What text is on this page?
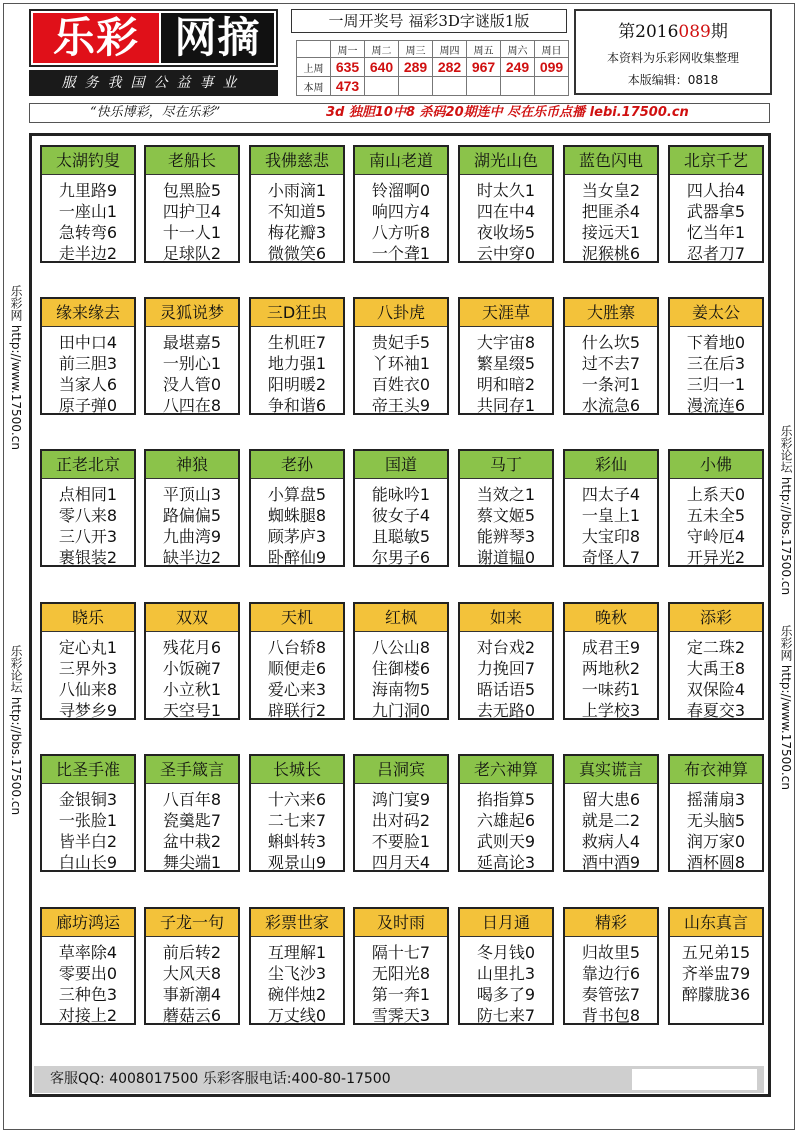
乐彩 网摘
服务我国公益事业
一周开奖号 福彩3D字谜版1版
	周一	周二	周三	周四	周五	周六	周日
上周	635	640	289	282	967	249	099
本周	473						
第2016089期
本资料为乐彩网收集整理
本版编辑：0818
“快乐博彩，尽在乐彩”	3d 独胆10中8 杀码20期连中 尽在乐币点播 lebi.17500.cn
乐彩网 http://www.17500.cn
乐彩论坛 http://bbs.17500.cn
乐彩论坛 http://bbs.17500.cn
乐彩网 http://www.17500.cn
太湖钓叟
九里路9
一座山1
急转弯6
走半边2
老船长
包黑脸5
四护卫4
十一人1
足球队2
我佛慈悲
小雨滴1
不知道5
梅花瓣3
微微笑6
南山老道
铃溜啊0
响四方4
八方听8
一个聋1
湖光山色
时太久1
四在中4
夜收场5
云中穿0
蓝色闪电
当女皇2
把匪杀4
接远天1
泥猴桃6
北京千艺
四人抬4
武器拿5
忆当年1
忍者刀7
缘来缘去
田中口4
前三胆3
当家人6
原子弹0
灵狐说梦
最堪嘉5
一别心1
没人管0
八四在8
三D狂虫
生机旺7
地力强1
阳明暖2
争和谐6
八卦虎
贵妃手5
丫环袖1
百姓衣0
帝王头9
天涯草
大宇宙8
繁星缀5
明和暗2
共同存1
大胜寨
什么坎5
过不去7
一条河1
水流急6
姜太公
下着地0
三在后3
三归一1
漫流连6
正老北京
点相同1
零八来8
三八开3
裹银装2
神狼
平顶山3
路偏偏5
九曲湾9
缺半边2
老孙
小算盘5
蜘蛛腿8
顾茅庐3
卧醉仙9
国道
能咏吟1
彼女子4
且聪敏5
尔男子6
马丁
当效之1
蔡文姬5
能辨琴3
谢道韫0
彩仙
四太子4
一皇上1
大宝印8
奇怪人7
小佛
上系天0
五未全5
守岭厄4
开异光2
晓乐
定心丸1
三界外3
八仙来8
寻梦乡9
双双
残花月6
小饭碗7
小立秋1
天空号1
天机
八台轿8
顺便走6
爱心来3
辟联行2
红枫
八公山8
住御楼6
海南物5
九门洞0
如来
对台戏2
力挽回7
晤话语5
去无路0
晚秋
成君王9
两地秋2
一味药1
上学校3
添彩
定二珠2
大禹王8
双保险4
春夏交3
比圣手准
金银铜3
一张脸1
皆半白2
白山长9
圣手箴言
八百年8
瓷羹匙7
盆中栽2
舞尖端1
长城长
十六来6
二七来7
蝌蚪转3
观景山9
吕洞宾
鸿门宴9
出对码2
不要脸1
四月天4
老六神算
掐指算5
六雄起6
武则天9
延高论3
真实谎言
留大患6
就是二2
救病人4
酒中酒9
布衣神算
摇蒲扇3
无头脑5
润万家0
酒杯圆8
廊坊鸿运
草率除4
零要出0
三种色3
对接上2
子龙一句
前后转2
大风天8
事新潮4
蘑菇云6
彩票世家
互理解1
尘飞沙3
碗伴烛2
万丈线0
及时雨
隔十七7
无阳光8
第一奔1
雪霁天3
日月通
冬月钱0
山里扎3
喝多了9
防七来7
精彩
归故里5
靠边行6
奏管弦7
背书包8
山东真言
五兄弟15
齐举盅79
醉朦胧36
客服QQ: 4008017500 乐彩客服电话:400-80-17500
